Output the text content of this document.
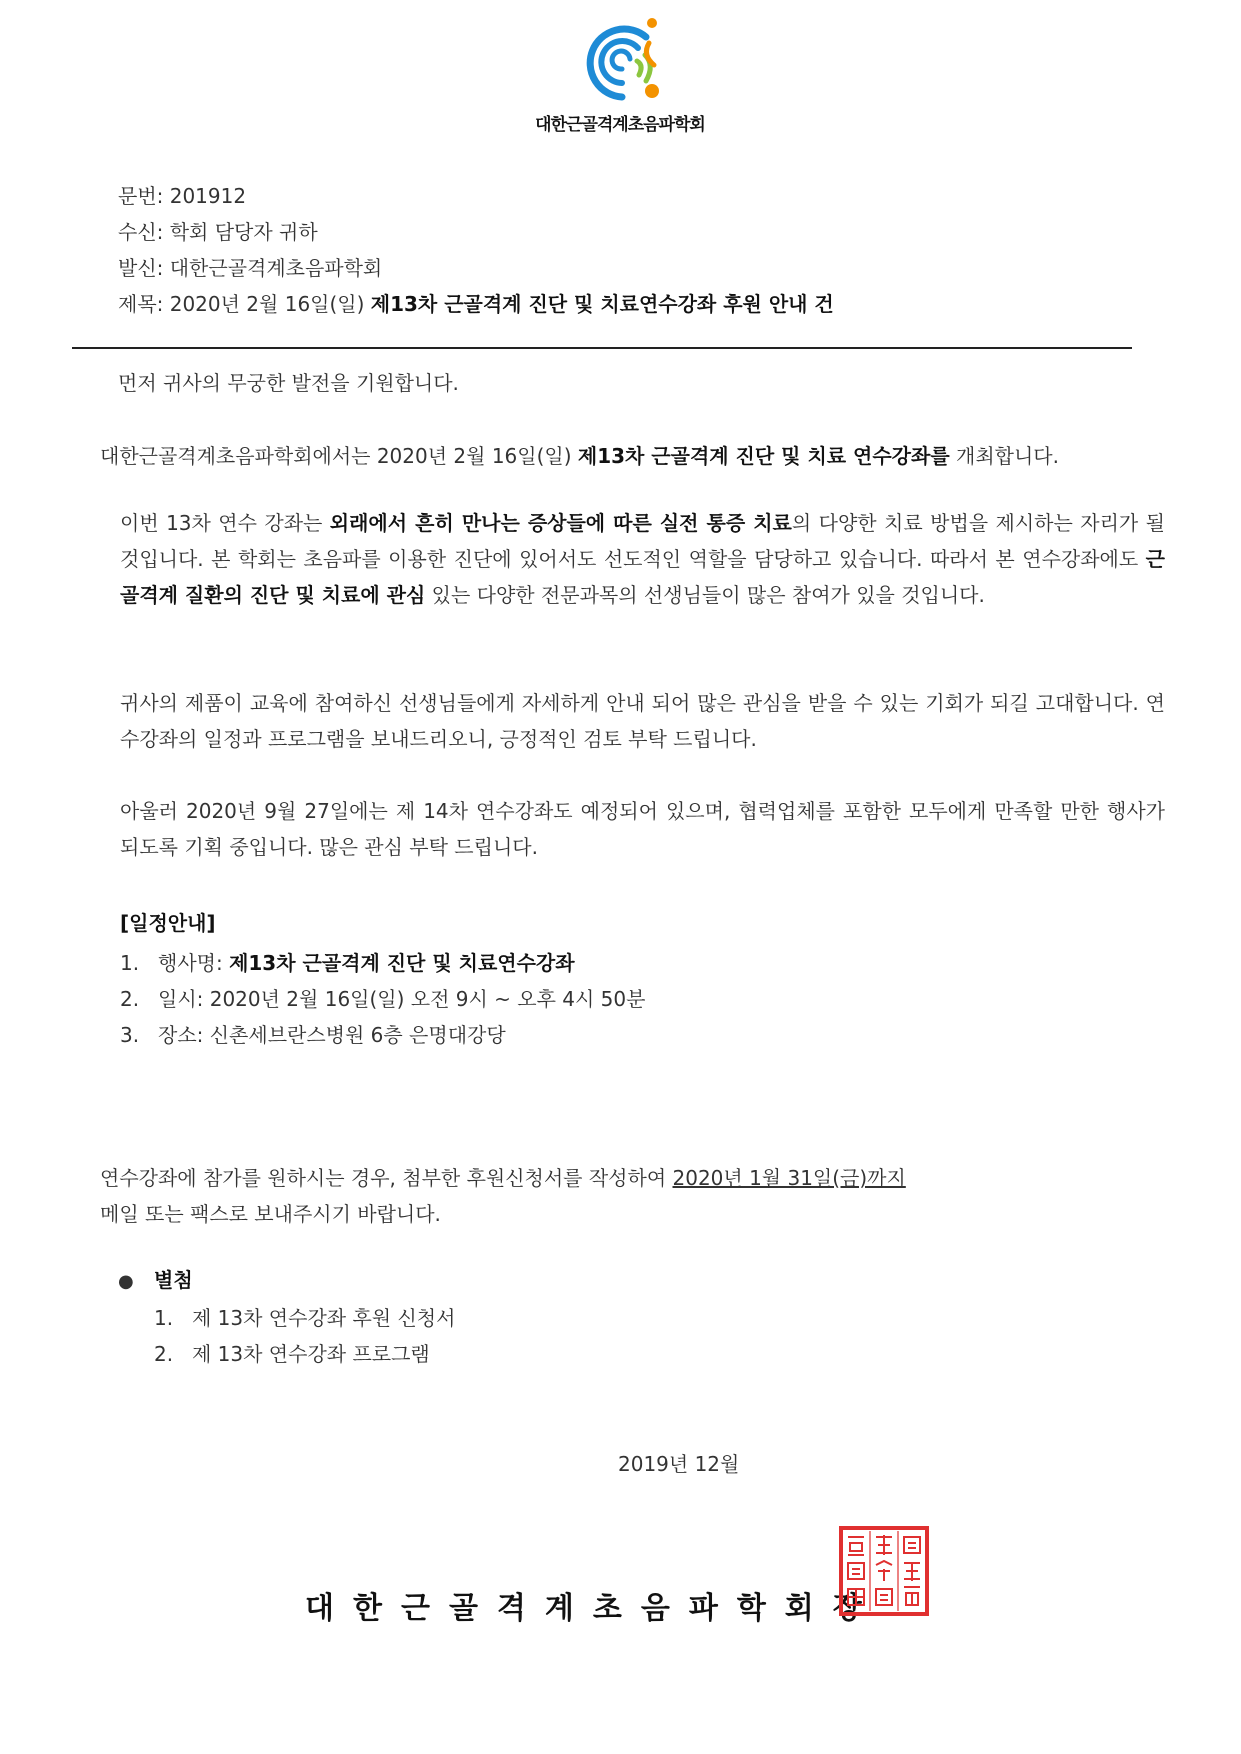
대한근골격계초음파학회
문번: 201912
수신: 학회 담당자 귀하
발신: 대한근골격계초음파학회
제목: 2020년 2월 16일(일) 제13차 근골격계 진단 및 치료연수강좌 후원 안내 건
먼저 귀사의 무궁한 발전을 기원합니다.
대한근골격계초음파학회에서는 2020년 2월 16일(일) 제13차 근골격계 진단 및 치료 연수강좌를 개최합니다.
이번 13차 연수 강좌는 외래에서 흔히 만나는 증상들에 따른 실전 통증 치료의 다양한 치료 방법을 제시하는 자리가 될 것입니다. 본 학회는 초음파를 이용한 진단에 있어서도 선도적인 역할을 담당하고 있습니다. 따라서 본 연수강좌에도 근골격계 질환의 진단 및 치료에 관심 있는 다양한 전문과목의 선생님들이 많은 참여가 있을 것입니다.
귀사의 제품이 교육에 참여하신 선생님들에게 자세하게 안내 되어 많은 관심을 받을 수 있는 기회가 되길 고대합니다. 연수강좌의 일정과 프로그램을 보내드리오니, 긍정적인 검토 부탁 드립니다.
아울러 2020년 9월 27일에는 제 14차 연수강좌도 예정되어 있으며, 협력업체를 포함한 모두에게 만족할 만한 행사가 되도록 기획 중입니다. 많은 관심 부탁 드립니다.
[일정안내]
1. 행사명: 제13차 근골격계 진단 및 치료연수강좌
2. 일시: 2020년 2월 16일(일) 오전 9시 ~ 오후 4시 50분
3. 장소: 신촌세브란스병원 6층 은명대강당
연수강좌에 참가를 원하시는 경우, 첨부한 후원신청서를 작성하여 2020년 1월 31일(금)까지
메일 또는 팩스로 보내주시기 바랍니다.
● 별첨
1. 제 13차 연수강좌 후원 신청서
2. 제 13차 연수강좌 프로그램
2019년 12월
대한근골격계초음파학회장
